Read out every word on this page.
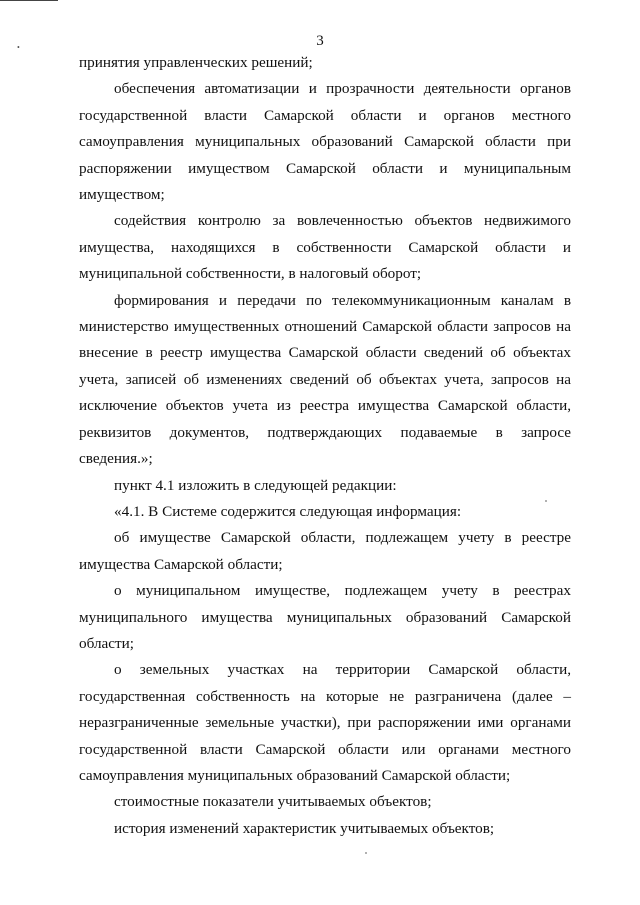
•	3

принятия управленческих решений;

обеспечения автоматизации и прозрачности деятельности органов государственной власти Самарской области и органов местного самоуправления муниципальных образований Самарской области при распоряжении имуществом Самарской области и муниципальным имуществом;

содействия контролю за вовлеченностью объектов недвижимого имущества, находящихся в собственности Самарской области и муниципальной собственности, в налоговый оборот;

формирования и передачи по телекоммуникационным каналам в министерство имущественных отношений Самарской области запросов на внесение в реестр имущества Самарской области сведений об объектах учета, записей об изменениях сведений об объектах учета, запросов на исключение объектов учета из реестра имущества Самарской области, реквизитов документов, подтверждающих подаваемые в запросе сведения.»;

пункт 4.1 изложить в следующей редакции:

«4.1. В Системе содержится следующая информация:

об имуществе Самарской области, подлежащем учету в реестре имущества Самарской области;

о муниципальном имуществе, подлежащем учету в реестрах муниципального имущества муниципальных образований Самарской области;

о земельных участках на территории Самарской области, государственная собственность на которые не разграничена (далее – неразграниченные земельные участки), при распоряжении ими органами государственной власти Самарской области или органами местного самоуправления муниципальных образований Самарской области;

стоимостные показатели учитываемых объектов;

история изменений характеристик учитываемых объектов;
